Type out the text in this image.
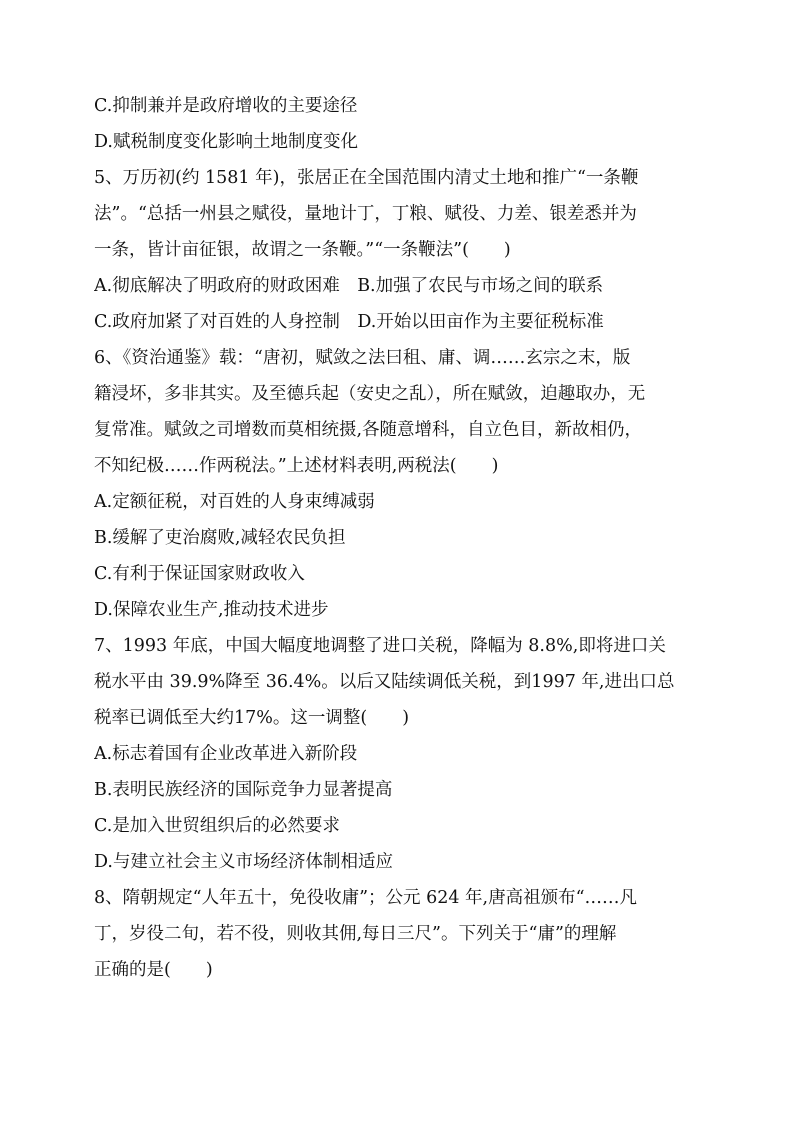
C.抑制兼并是政府增收的主要途径
D.赋税制度变化影响土地制度变化
5、万历初(约 1581 年)，张居正在全国范围内清丈土地和推广“一条鞭
法”。“总括一州县之赋役，量地计丁，丁粮、赋役、力差、银差悉并为
一条，皆计亩征银，故谓之一条鞭。”“一条鞭法”(　　)
A.彻底解决了明政府的财政困难　B.加强了农民与市场之间的联系
C.政府加紧了对百姓的人身控制　D.开始以田亩作为主要征税标准
6、《资治通鉴》载：“唐初，赋敛之法曰租、庸、调……玄宗之末，版
籍浸坏，多非其实。及至德兵起（安史之乱），所在赋敛，迫趣取办，无
复常准。赋敛之司增数而莫相统摄,各随意增科，自立色目，新故相仍，
不知纪极……作两税法。”上述材料表明,两税法(　　)
A.定额征税，对百姓的人身束缚减弱
B.缓解了吏治腐败,减轻农民负担
C.有利于保证国家财政收入
D.保障农业生产,推动技术进步
7、1993 年底，中国大幅度地调整了进口关税，降幅为 8.8%,即将进口关
税水平由 39.9%降至 36.4%。以后又陆续调低关税，到1997 年,进出口总
税率已调低至大约17%。这一调整(　　)
A.标志着国有企业改革进入新阶段
B.表明民族经济的国际竞争力显著提高
C.是加入世贸组织后的必然要求
D.与建立社会主义市场经济体制相适应
8、隋朝规定“人年五十，免役收庸”；公元 624 年,唐高祖颁布“……凡
丁，岁役二旬，若不役，则收其佣,每日三尺”。下列关于“庸”的理解
正确的是(　　)
